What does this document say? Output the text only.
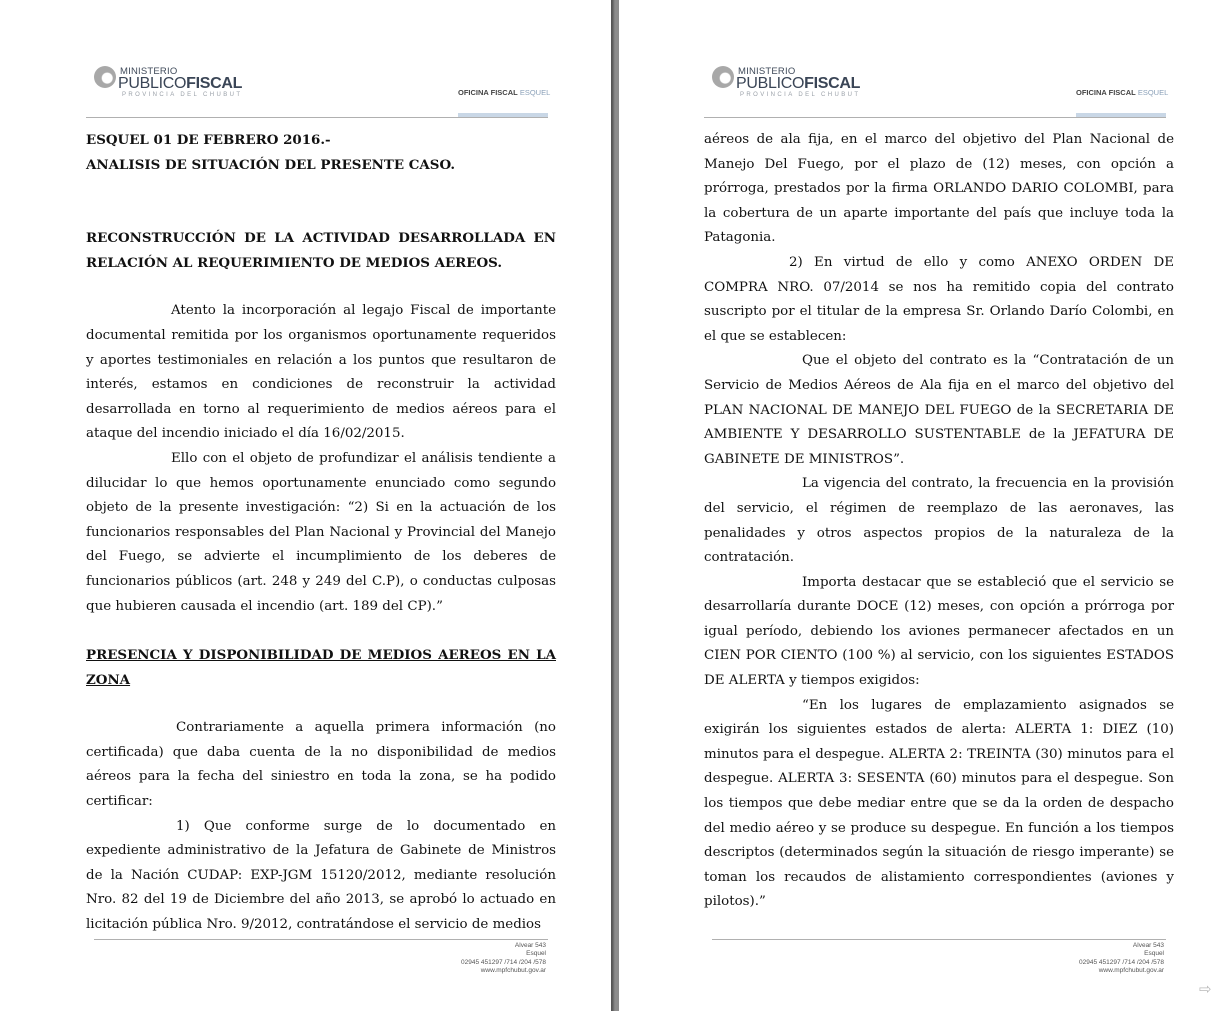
MINISTERIO
PUBLICOFISCAL
PROVINCIA DEL CHUBUT	OFICINA FISCAL ESQUEL

ESQUEL 01 DE FEBRERO 2016.-

ANALISIS DE SITUACIÓN DEL PRESENTE CASO.

RECONSTRUCCIÓN DE LA ACTIVIDAD DESARROLLADA EN RELACIÓN AL REQUERIMIENTO DE MEDIOS AEREOS.

Atento la incorporación al legajo Fiscal de importante documental remitida por los organismos oportunamente requeridos y aportes testimoniales en relación a los puntos que resultaron de interés, estamos en condiciones de reconstruir la actividad desarrollada en torno al requerimiento de medios aéreos para el ataque del incendio iniciado el día 16/02/2015.

Ello con el objeto de profundizar el análisis tendiente a dilucidar lo que hemos oportunamente enunciado como segundo objeto de la presente investigación: “2) Si en la actuación de los funcionarios responsables del Plan Nacional y Provincial del Manejo del Fuego, se advierte el incumplimiento de los deberes de funcionarios públicos (art. 248 y 249 del C.P), o conductas culposas que hubieren causada el incendio (art. 189 del CP).”

PRESENCIA Y DISPONIBILIDAD DE MEDIOS AEREOS EN LA ZONA

Contrariamente a aquella primera información (no certificada) que daba cuenta de la no disponibilidad de medios aéreos para la fecha del siniestro en toda la zona, se ha podido certificar:

1) Que conforme surge de lo documentado en expediente administrativo de la Jefatura de Gabinete de Ministros de la Nación CUDAP: EXP-JGM 15120/2012, mediante resolución Nro. 82 del 19 de Diciembre del año 2013, se aprobó lo actuado en licitación pública Nro. 9/2012, contratándose el servicio de medios

Alvear 543
Esquel
02945 451297 /714 /204 /578
www.mpfchubut.gov.ar
MINISTERIO
PUBLICOFISCAL
PROVINCIA DEL CHUBUT	OFICINA FISCAL ESQUEL

aéreos de ala fija, en el marco del objetivo del Plan Nacional de Manejo Del Fuego, por el plazo de (12) meses, con opción a prórroga, prestados por la firma ORLANDO DARIO COLOMBI, para la cobertura de un aparte importante del país que incluye toda la Patagonia.

2) En virtud de ello y como ANEXO ORDEN DE COMPRA NRO. 07/2014 se nos ha remitido copia del contrato suscripto por el titular de la empresa Sr. Orlando Darío Colombi, en el que se establecen:

Que el objeto del contrato es la “Contratación de un Servicio de Medios Aéreos de Ala fija en el marco del objetivo del PLAN NACIONAL DE MANEJO DEL FUEGO de la SECRETARIA DE AMBIENTE Y DESARROLLO SUSTENTABLE de la JEFATURA DE GABINETE DE MINISTROS”.

La vigencia del contrato, la frecuencia en la provisión del servicio, el régimen de reemplazo de las aeronaves, las penalidades y otros aspectos propios de la naturaleza de la contratación.

Importa destacar que se estableció que el servicio se desarrollaría durante DOCE (12) meses, con opción a prórroga por igual período, debiendo los aviones permanecer afectados en un CIEN POR CIENTO (100 %) al servicio, con los siguientes ESTADOS DE ALERTA y tiempos exigidos:

“En los lugares de emplazamiento asignados se exigirán los siguientes estados de alerta: ALERTA 1: DIEZ (10) minutos para el despegue. ALERTA 2: TREINTA (30) minutos para el despegue. ALERTA 3: SESENTA (60) minutos para el despegue. Son los tiempos que debe mediar entre que se da la orden de despacho del medio aéreo y se produce su despegue. En función a los tiempos descriptos (determinados según la situación de riesgo imperante) se toman los recaudos de alistamiento correspondientes (aviones y pilotos).”

Alvear 543
Esquel
02945 451297 /714 /204 /578
www.mpfchubut.gov.ar
⇨
